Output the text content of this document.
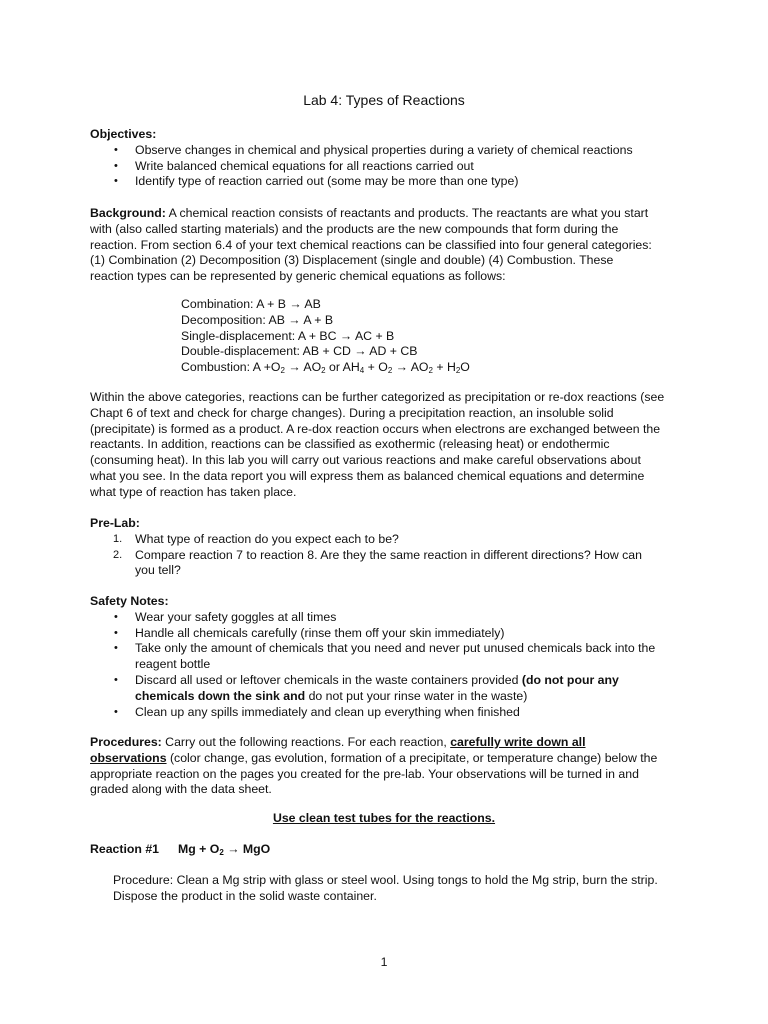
Lab 4: Types of Reactions
Objectives:
• Observe changes in chemical and physical properties during a variety of chemical reactions
• Write balanced chemical equations for all reactions carried out
• Identify type of reaction carried out (some may be more than one type)

Background: A chemical reaction consists of reactants and products. The reactants are what you start

with (also called starting materials) and the products are the new compounds that form during the

reaction. From section 6.4 of your text chemical reactions can be classified into four general categories:

(1) Combination (2) Decomposition (3) Displacement (single and double) (4) Combustion. These

reaction types can be represented by generic chemical equations as follows:

Combination: A + B → AB
Decomposition: AB → A + B
Single-displacement: A + BC → AC + B
Double-displacement: AB + CD → AD + CB
Combustion: $A +O_2 \to AO_2$ or $AH_4 + O_2 \to AO_2 + H_2O$

Within the above categories, reactions can be further categorized as precipitation or re-dox reactions (see

Chapt 6 of text and check for charge changes). During a precipitation reaction, an insoluble solid

(precipitate) is formed as a product. A re-dox reaction occurs when electrons are exchanged between the

reactants. In addition, reactions can be classified as exothermic (releasing heat) or endothermic

(consuming heat). In this lab you will carry out various reactions and make careful observations about

what you see. In the data report you will express them as balanced chemical equations and determine

what type of reaction has taken place.

Pre-Lab:
1. What type of reaction do you expect each to be?
2. Compare reaction 7 to reaction 8. Are they the same reaction in different directions? How can
you tell?
Safety Notes:
• Wear your safety goggles at all times
• Handle all chemicals carefully (rinse them off your skin immediately)
• Take only the amount of chemicals that you need and never put unused chemicals back into the
reagent bottle
• Discard all used or leftover chemicals in the waste containers provided (do not pour any
chemicals down the sink and do not put your rinse water in the waste)
• Clean up any spills immediately and clean up everything when finished

Procedures: Carry out the following reactions. For each reaction, carefully write down all

observations (color change, gas evolution, formation of a precipitate, or temperature change) below the

appropriate reaction on the pages you created for the pre-lab. Your observations will be turned in and

graded along with the data sheet.

Use clean test tubes for the reactions.
Reaction #1 $Mg + O_2$ → MgO

Procedure: Clean a Mg strip with glass or steel wool. Using tongs to hold the Mg strip, burn the strip.

Dispose the product in the solid waste container.

1
